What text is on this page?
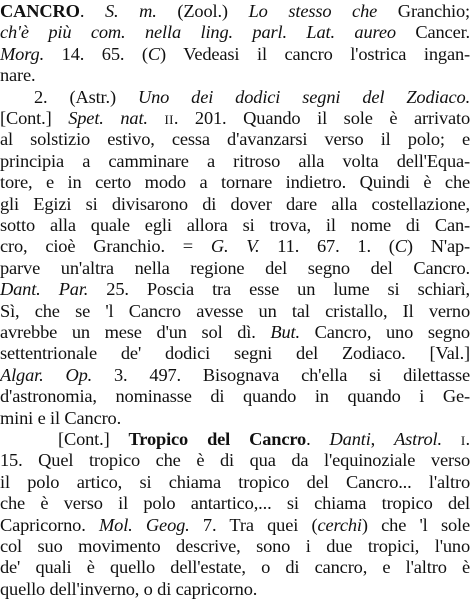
CANCRO. S. m. (Zool.) Lo stesso che Granchio;
ch'è più com. nella ling. parl. Lat. aureo Cancer.
Morg. 14. 65. (C) Vedeasi il cancro l'ostrica ingan-
nare.
2. (Astr.) Uno dei dodici segni del Zodiaco.
[Cont.] Spet. nat. ii. 201. Quando il sole è arrivato
al solstizio estivo, cessa d'avanzarsi verso il polo; e
principia a camminare a ritroso alla volta dell'Equa-
tore, e in certo modo a tornare indietro. Quindi è che
gli Egizi si divisarono di dover dare alla costellazione,
sotto alla quale egli allora si trova, il nome di Can-
cro, cioè Granchio. = G. V. 11. 67. 1. (C) N'ap-
parve un'altra nella regione del segno del Cancro.
Dant. Par. 25. Poscia tra esse un lume si schiarì,
Sì, che se 'l Cancro avesse un tal cristallo, Il verno
avrebbe un mese d'un sol dì. But. Cancro, uno segno
settentrionale de' dodici segni del Zodiaco. [Val.]
Algar. Op. 3. 497. Bisognava ch'ella si dilettasse
d'astronomia, nominasse di quando in quando i Ge-
mini e il Cancro.
[Cont.] Tropico del Cancro. Danti, Astrol. i.
15. Quel tropico che è di qua da l'equinoziale verso
il polo artico, si chiama tropico del Cancro... l'altro
che è verso il polo antartico,... si chiama tropico del
Capricorno. Mol. Geog. 7. Tra quei (cerchi) che 'l sole
col suo movimento descrive, sono i due tropici, l'uno
de' quali è quello dell'estate, o di cancro, e l'altro è
quello dell'inverno, o di capricorno.
